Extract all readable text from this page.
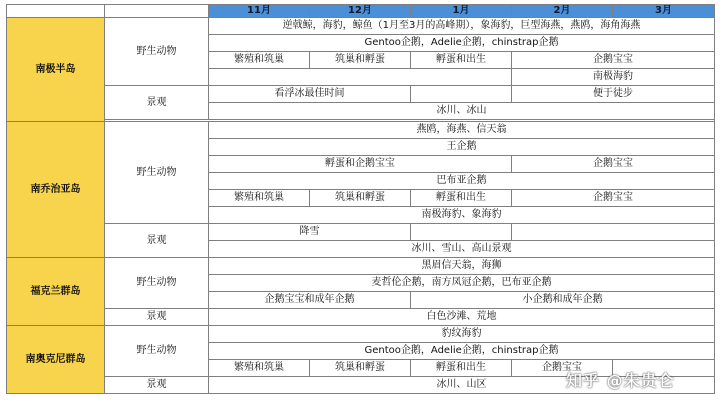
		11月	12月	1月	2月	3月
南极半岛	野生动物	逆戟鲸，海豹，鲸鱼（1月至3月的高峰期），象海豹，巨型海燕，燕鸥，海角海燕				
		Gentoo企鹅，Adelie企鹅，chinstrap企鹅				
		繁殖和筑巢	筑巢和孵蛋	孵蛋和出生	企鹅宝宝	
					南极海豹	
	景观	看浮冰最佳时间			便于徒步	
		冰川、冰山				

南乔治亚岛	野生动物	燕鸥，海燕、信天翁				
		王企鹅				
		孵蛋和企鹅宝宝			企鹅宝宝	
		巴布亚企鹅				
		繁殖和筑巢	筑巢和孵蛋	孵蛋和出生	企鹅宝宝	
		南极海豹、象海豹				
	景观	降雪				
		冰川、雪山、高山景观				
福克兰群岛	野生动物	黑眉信天翁，海狮				
		麦哲伦企鹅，南方凤冠企鹅，巴布亚企鹅				
		企鹅宝宝和成年企鹅		小企鹅和成年企鹅		
	景观	白色沙滩、荒地				
南奥克尼群岛	野生动物	豹纹海豹				
		Gentoo企鹅，Adelie企鹅，chinstrap企鹅				
		繁殖和筑巢	筑巢和孵蛋	孵蛋和出生	企鹅宝宝	
	景观	冰川、山区					知乎 @朱贵仑
